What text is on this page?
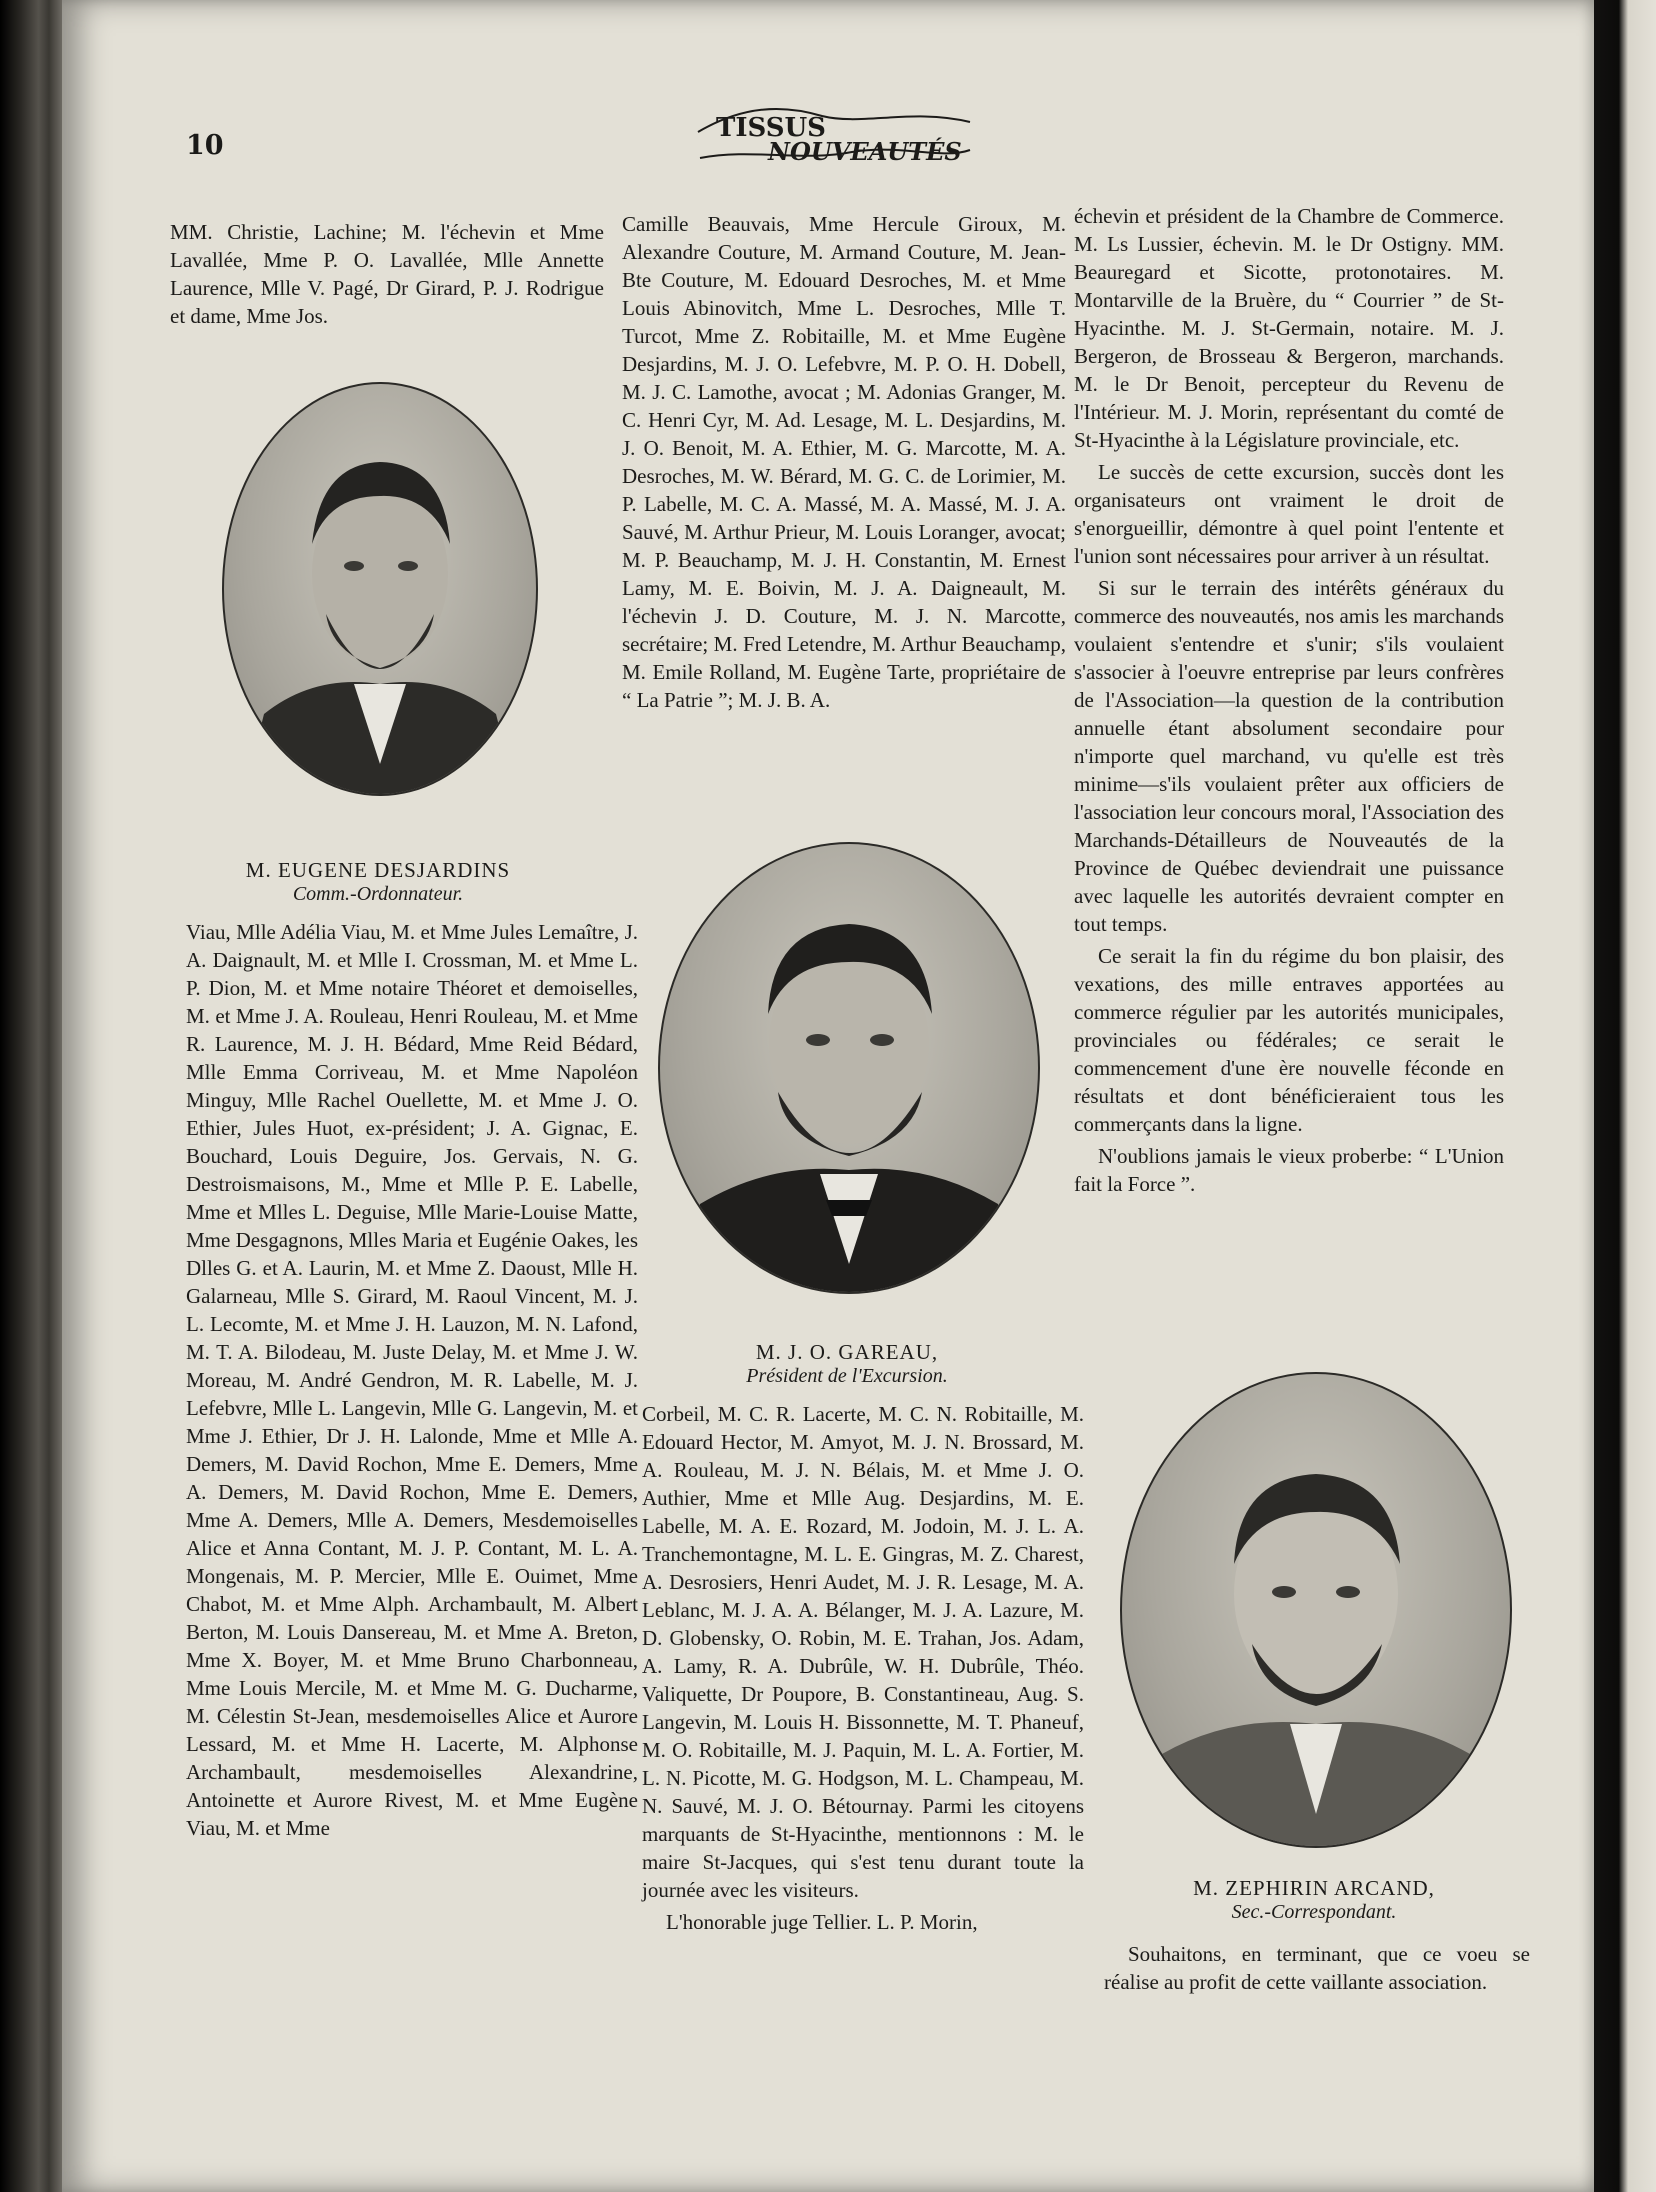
10
TISSUS
NOUVEAUTÉS

MM. Christie, Lachine; M. l'échevin et Mme Lavallée, Mme P. O. Lavallée, Mlle Annette Laurence, Mlle V. Pagé, Dr Girard, P. J. Rodrigue et dame, Mme Jos.

M. EUGENE DESJARDINS
Comm.-Ordonnateur.

Viau, Mlle Adélia Viau, M. et Mme Jules Lemaître, J. A. Daignault, M. et Mlle I. Crossman, M. et Mme L. P. Dion, M. et Mme notaire Théoret et demoiselles, M. et Mme J. A. Rouleau, Henri Rouleau, M. et Mme R. Laurence, M. J. H. Bédard, Mme Reid Bédard, Mlle Emma Corriveau, M. et Mme Napoléon Minguy, Mlle Rachel Ouellette, M. et Mme J. O. Ethier, Jules Huot, ex-président; J. A. Gignac, E. Bouchard, Louis Deguire, Jos. Gervais, N. G. Destroismaisons, M., Mme et Mlle P. E. Labelle, Mme et Mlles L. Deguise, Mlle Marie-Louise Matte, Mme Desgagnons, Mlles Maria et Eugénie Oakes, les Dlles G. et A. Laurin, M. et Mme Z. Daoust, Mlle H. Galarneau, Mlle S. Girard, M. Raoul Vincent, M. J. L. Lecomte, M. et Mme J. H. Lauzon, M. N. Lafond, M. T. A. Bilodeau, M. Juste Delay, M. et Mme J. W. Moreau, M. André Gendron, M. R. Labelle, M. J. Lefebvre, Mlle L. Langevin, Mlle G. Langevin, M. et Mme J. Ethier, Dr J. H. Lalonde, Mme et Mlle A. Demers, M. David Rochon, Mme E. Demers, Mme A. Demers, M. David Rochon, Mme E. Demers, Mme A. Demers, Mlle A. Demers, Mesdemoiselles Alice et Anna Contant, M. J. P. Contant, M. L. A. Mongenais, M. P. Mercier, Mlle E. Ouimet, Mme Chabot, M. et Mme Alph. Archambault, M. Albert Berton, M. Louis Dansereau, M. et Mme A. Breton, Mme X. Boyer, M. et Mme Bruno Charbonneau, Mme Louis Mercile, M. et Mme M. G. Ducharme, M. Célestin St-Jean, mesdemoiselles Alice et Aurore Lessard, M. et Mme H. Lacerte, M. Alphonse Archambault, mesdemoiselles Alexandrine, Antoinette et Aurore Rivest, M. et Mme Eugène Viau, M. et Mme

Camille Beauvais, Mme Hercule Giroux, M. Alexandre Couture, M. Armand Couture, M. Jean-Bte Couture, M. Edouard Desroches, M. et Mme Louis Abinovitch, Mme L. Desroches, Mlle T. Turcot, Mme Z. Robitaille, M. et Mme Eugène Desjardins, M. J. O. Lefebvre, M. P. O. H. Dobell, M. J. C. Lamothe, avocat ; M. Adonias Granger, M. C. Henri Cyr, M. Ad. Lesage, M. L. Desjardins, M. J. O. Benoit, M. A. Ethier, M. G. Marcotte, M. A. Desroches, M. W. Bérard, M. G. C. de Lorimier, M. P. Labelle, M. C. A. Massé, M. A. Massé, M. J. A. Sauvé, M. Arthur Prieur, M. Louis Loranger, avocat; M. P. Beauchamp, M. J. H. Constantin, M. Ernest Lamy, M. E. Boivin, M. J. A. Daigneault, M. l'échevin J. D. Couture, M. J. N. Marcotte, secrétaire; M. Fred Letendre, M. Arthur Beauchamp, M. Emile Rolland, M. Eugène Tarte, propriétaire de “ La Patrie ”; M. J. B. A.

M. J. O. GAREAU,
Président de l'Excursion.

Corbeil, M. C. R. Lacerte, M. C. N. Robitaille, M. Edouard Hector, M. Amyot, M. J. N. Brossard, M. A. Rouleau, M. J. N. Bélais, M. et Mme J. O. Authier, Mme et Mlle Aug. Desjardins, M. E. Labelle, M. A. E. Rozard, M. Jodoin, M. J. L. A. Tranchemontagne, M. L. E. Gingras, M. Z. Charest, A. Desrosiers, Henri Audet, M. J. R. Lesage, M. A. Leblanc, M. J. A. A. Bélanger, M. J. A. Lazure, M. D. Globensky, O. Robin, M. E. Trahan, Jos. Adam, A. Lamy, R. A. Dubrûle, W. H. Dubrûle, Théo. Valiquette, Dr Poupore, B. Constantineau, Aug. S. Langevin, M. Louis H. Bissonnette, M. T. Phaneuf, M. O. Robitaille, M. J. Paquin, M. L. A. Fortier, M. L. N. Picotte, M. G. Hodgson, M. L. Champeau, M. N. Sauvé, M. J. O. Bétournay. Parmi les citoyens marquants de St-Hyacinthe, mentionnons : M. le maire St-Jacques, qui s'est tenu durant toute la journée avec les visiteurs.

L'honorable juge Tellier. L. P. Morin,

échevin et président de la Chambre de Commerce. M. Ls Lussier, échevin. M. le Dr Ostigny. MM. Beauregard et Sicotte, protonotaires. M. Montarville de la Bruère, du “ Courrier ” de St-Hyacinthe. M. J. St-Germain, notaire. M. J. Bergeron, de Brosseau & Bergeron, marchands. M. le Dr Benoit, percepteur du Revenu de l'Intérieur. M. J. Morin, représentant du comté de St-Hyacinthe à la Législature provinciale, etc.

Le succès de cette excursion, succès dont les organisateurs ont vraiment le droit de s'enorgueillir, démontre à quel point l'entente et l'union sont nécessaires pour arriver à un résultat.

Si sur le terrain des intérêts généraux du commerce des nouveautés, nos amis les marchands voulaient s'entendre et s'unir; s'ils voulaient s'associer à l'oeuvre entreprise par leurs confrères de l'Association—la question de la contribution annuelle étant absolument secondaire pour n'importe quel marchand, vu qu'elle est très minime—s'ils voulaient prêter aux officiers de l'association leur concours moral, l'Association des Marchands-Détailleurs de Nouveautés de la Province de Québec deviendrait une puissance avec laquelle les autorités devraient compter en tout temps.

Ce serait la fin du régime du bon plaisir, des vexations, des mille entraves apportées au commerce régulier par les autorités municipales, provinciales ou fédérales; ce serait le commencement d'une ère nouvelle féconde en résultats et dont bénéficieraient tous les commerçants dans la ligne.

N'oublions jamais le vieux proberbe: “ L'Union fait la Force ”.

M. ZEPHIRIN ARCAND,
Sec.-Correspondant.

Souhaitons, en terminant, que ce voeu se réalise au profit de cette vaillante association.
